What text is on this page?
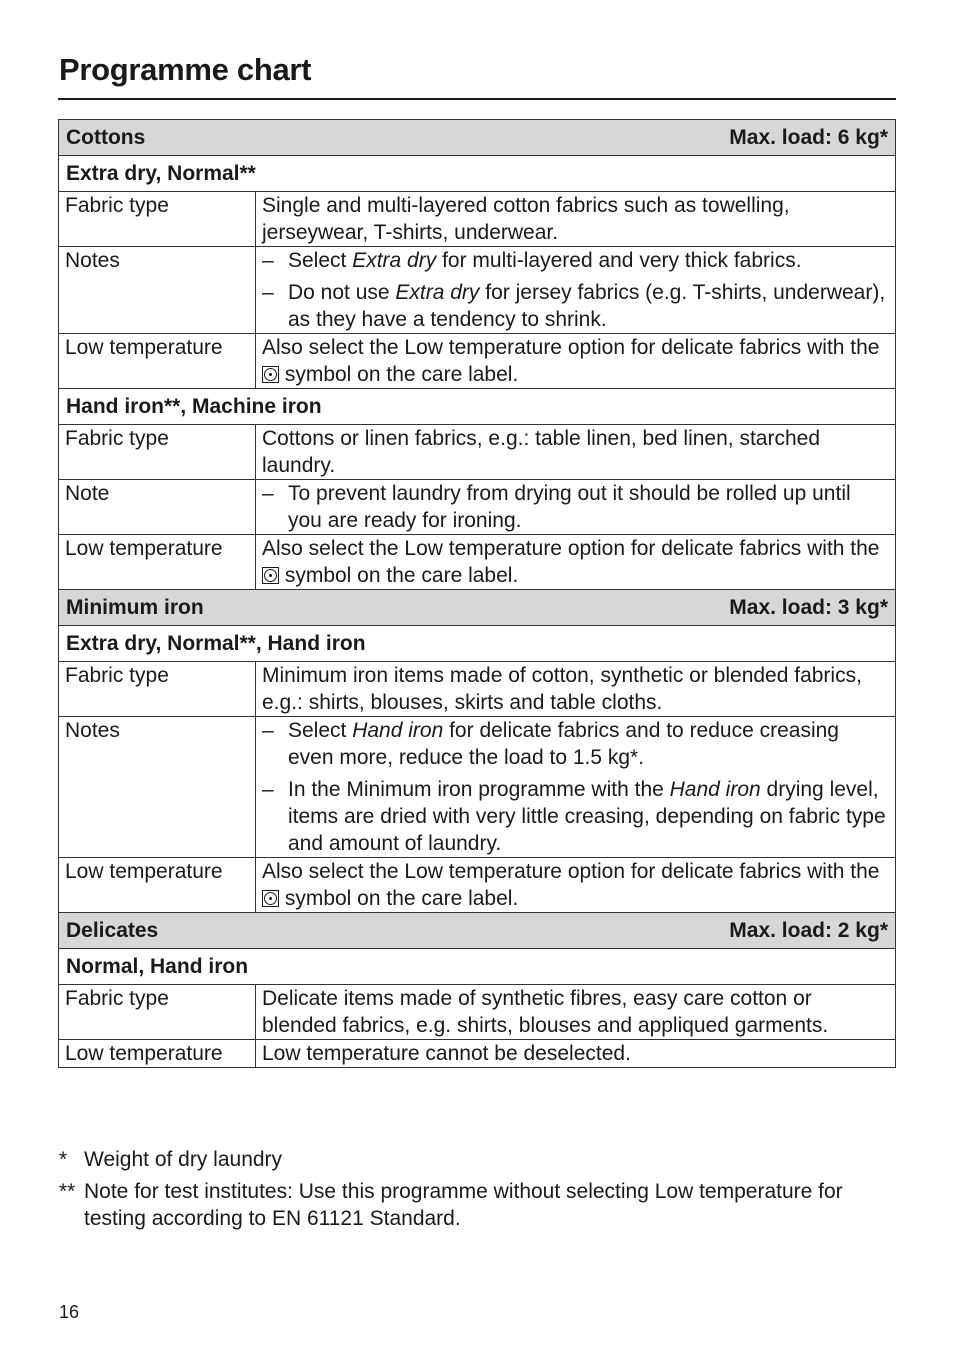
Programme chart
Cottons Max. load: 6 kg*	

Extra dry, Normal**	
Fabric type	Single and multi-layered cotton fabrics such as towelling, jerseywear, T-shirts, underwear.
Notes	– Select Extra dry for multi-layered and very thick fabrics.
– Do not use Extra dry for jersey fabrics (e.g. T-shirts, underwear), as they have a tendency to shrink.

Low temperature	Also select the Low temperature option for delicate fabrics with the  symbol on the care label.
Hand iron**, Machine iron	
Fabric type	Cottons or linen fabrics, e.g.: table linen, bed linen, starched laundry.
Note	– To prevent laundry from drying out it should be rolled up until you are ready for ironing.

Low temperature	Also select the Low temperature option for delicate fabrics with the  symbol on the care label.

Minimum iron Max. load: 3 kg*	

Extra dry, Normal**, Hand iron	
Fabric type	Minimum iron items made of cotton, synthetic or blended fabrics, e.g.: shirts, blouses, skirts and table cloths.
Notes	– Select Hand iron for delicate fabrics and to reduce creasing even more, reduce the load to 1.5 kg*.
– In the Minimum iron programme with the Hand iron drying level, items are dried with very little creasing, depending on fabric type and amount of laundry.

Low temperature	Also select the Low temperature option for delicate fabrics with the  symbol on the care label.

Delicates Max. load: 2 kg*	

Normal, Hand iron	
Fabric type	Delicate items made of synthetic fibres, easy care cotton or blended fabrics, e.g. shirts, blouses and appliqued garments.
Low temperature	Low temperature cannot be deselected.
* Weight of dry laundry
** Note for test institutes: Use this programme without selecting Low temperature for testing according to EN 61121 Standard.
16
